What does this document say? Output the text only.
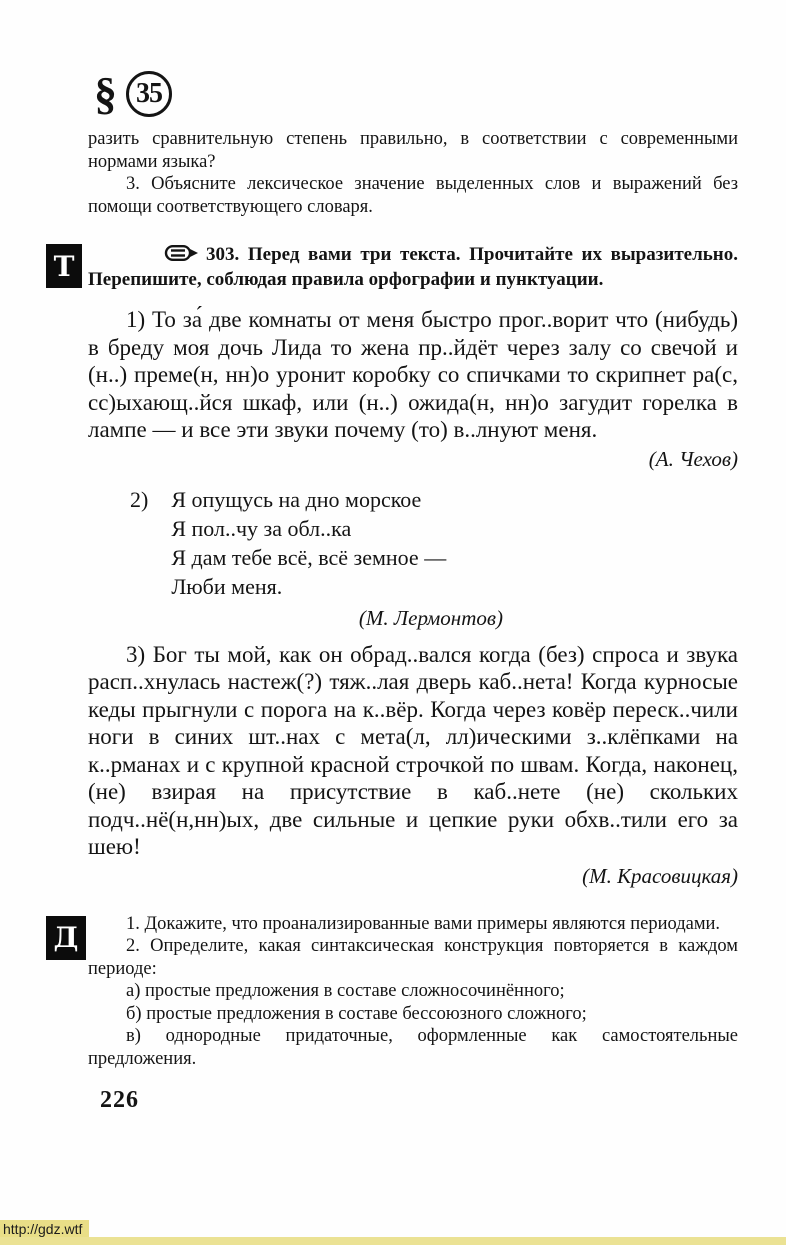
§ 35

разить сравнительную степень правильно, в соответствии с современными нормами языка?

3. Объясните лексическое значение выделенных слов и выражений без помощи соответствующего словаря.

Т	303. Перед вами три текста. Прочитайте их выразительно. Перепишите, соблюдая правила орфографии и пунктуации.

1) То за́ две комнаты от меня быстро прог..ворит что (нибудь) в бреду моя дочь Лида то жена пр..йдёт через залу со свечой и (н..) преме(н, нн)о уронит коробку со спичками то скрипнет ра(с, сс)ыхающ..йся шкаф, или (н..) ожида(н, нн)о загудит горелка в лампе — и все эти звуки почему (то) в..лнуют меня.

(А. Чехов)

2) Я опущусь на дно морское
Я пол..чу за обл..ка
Я дам тебе всё, всё земное —
Люби меня.

(М. Лермонтов)

3) Бог ты мой, как он обрад..вался когда (без) спроса и звука расп..хнулась настеж(?) тяж..лая дверь каб..нета! Когда курносые кеды прыгнули с порога на к..вёр. Когда через ковёр переск..чили ноги в синих шт..нах с мета(л, лл)ическими з..клёпками на к..рманах и с крупной красной строчкой по швам. Когда, наконец, (не) взирая на присутствие в каб..нете (не) скольких подч..нё(н,нн)ых, две сильные и цепкие руки обхв..тили его за шею!

(М. Красовицкая)

Д	1. Докажите, что проанализированные вами примеры являются периодами.

2. Определите, какая синтаксическая конструкция повторяется в каждом периоде:

а) простые предложения в составе сложносочинённого;

б) простые предложения в составе бессоюзного сложного;

в) однородные придаточные, оформленные как самостоятельные предложения.

226
http://gdz.wtf
